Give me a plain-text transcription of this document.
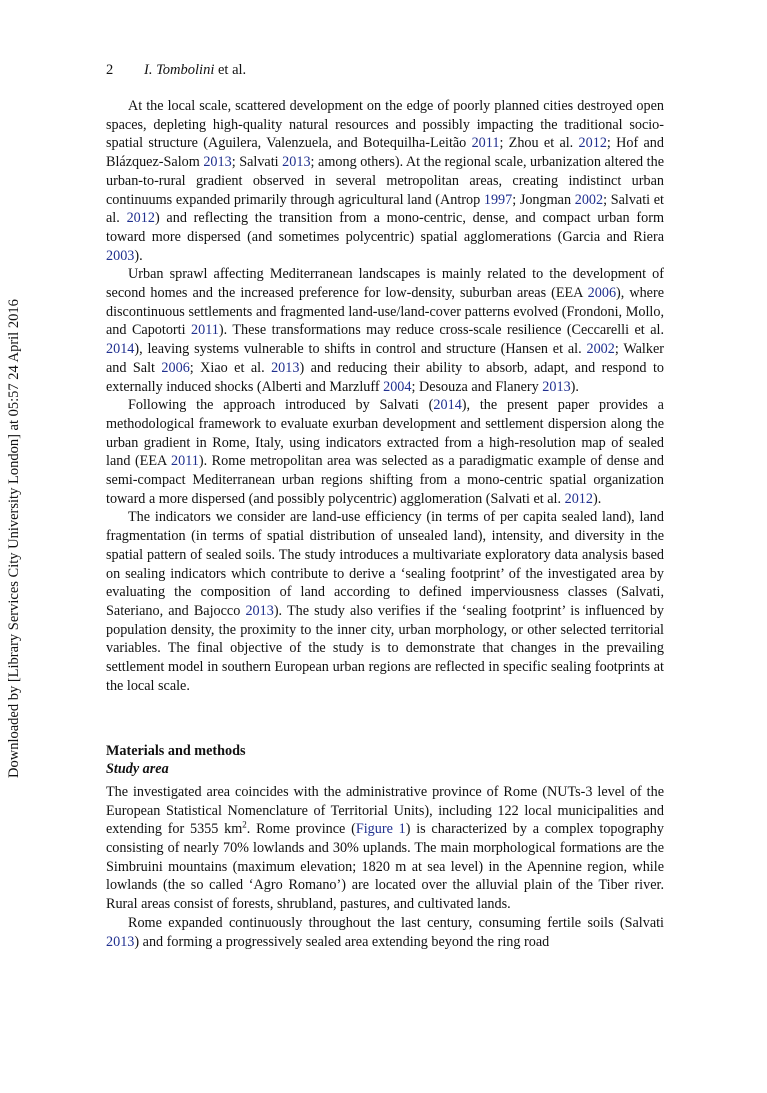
Downloaded by [Library Services City University London] at 05:57 24 April 2016
2 I. Tombolini et al.

At the local scale, scattered development on the edge of poorly planned cities destroyed open spaces, depleting high-quality natural resources and possibly impacting the traditional socio-spatial structure (Aguilera, Valenzuela, and Botequilha-Leitão 2011; Zhou et al. 2012; Hof and Blázquez-Salom 2013; Salvati 2013; among others). At the regional scale, urbanization altered the urban-to-rural gradient observed in several metropolitan areas, creating indistinct urban continuums expanded primarily through agricultural land (Antrop 1997; Jongman 2002; Salvati et al. 2012) and reflecting the transition from a mono-centric, dense, and compact urban form toward more dispersed (and sometimes polycentric) spatial agglomerations (Garcia and Riera 2003).

Urban sprawl affecting Mediterranean landscapes is mainly related to the development of second homes and the increased preference for low-density, suburban areas (EEA 2006), where discontinuous settlements and fragmented land-use/land-cover patterns evolved (Frondoni, Mollo, and Capotorti 2011). These transformations may reduce cross-scale resilience (Ceccarelli et al. 2014), leaving systems vulnerable to shifts in control and structure (Hansen et al. 2002; Walker and Salt 2006; Xiao et al. 2013) and reducing their ability to absorb, adapt, and respond to externally induced shocks (Alberti and Marzluff 2004; Desouza and Flanery 2013).

Following the approach introduced by Salvati (2014), the present paper provides a methodological framework to evaluate exurban development and settlement dispersion along the urban gradient in Rome, Italy, using indicators extracted from a high-resolution map of sealed land (EEA 2011). Rome metropolitan area was selected as a paradigmatic example of dense and semi-compact Mediterranean urban regions shifting from a mono-centric spatial organization toward a more dispersed (and possibly polycentric) agglomeration (Salvati et al. 2012).

The indicators we consider are land-use efficiency (in terms of per capita sealed land), land fragmentation (in terms of spatial distribution of unsealed land), intensity, and diversity in the spatial pattern of sealed soils. The study introduces a multivariate exploratory data analysis based on sealing indicators which contribute to derive a ‘sealing footprint’ of the investigated area by evaluating the composition of land according to defined imperviousness classes (Salvati, Sateriano, and Bajocco 2013). The study also verifies if the ‘sealing footprint’ is influenced by population density, the proximity to the inner city, urban morphology, or other selected territorial variables. The final objective of the study is to demonstrate that changes in the prevailing settlement model in southern European urban regions are reflected in specific sealing footprints at the local scale.

Materials and methods
Study area

The investigated area coincides with the administrative province of Rome (NUTs-3 level of the European Statistical Nomenclature of Territorial Units), including 122 local municipalities and extending for 5355 $km^2$. Rome province (Figure 1) is characterized by a complex topography consisting of nearly 70% lowlands and 30% uplands. The main morphological formations are the Simbruini mountains (maximum elevation; 1820 m at sea level) in the Apennine region, while lowlands (the so called ‘Agro Romano’) are located over the alluvial plain of the Tiber river. Rural areas consist of forests, shrubland, pastures, and cultivated lands.

Rome expanded continuously throughout the last century, consuming fertile soils (Salvati 2013) and forming a progressively sealed area extending beyond the ring road
